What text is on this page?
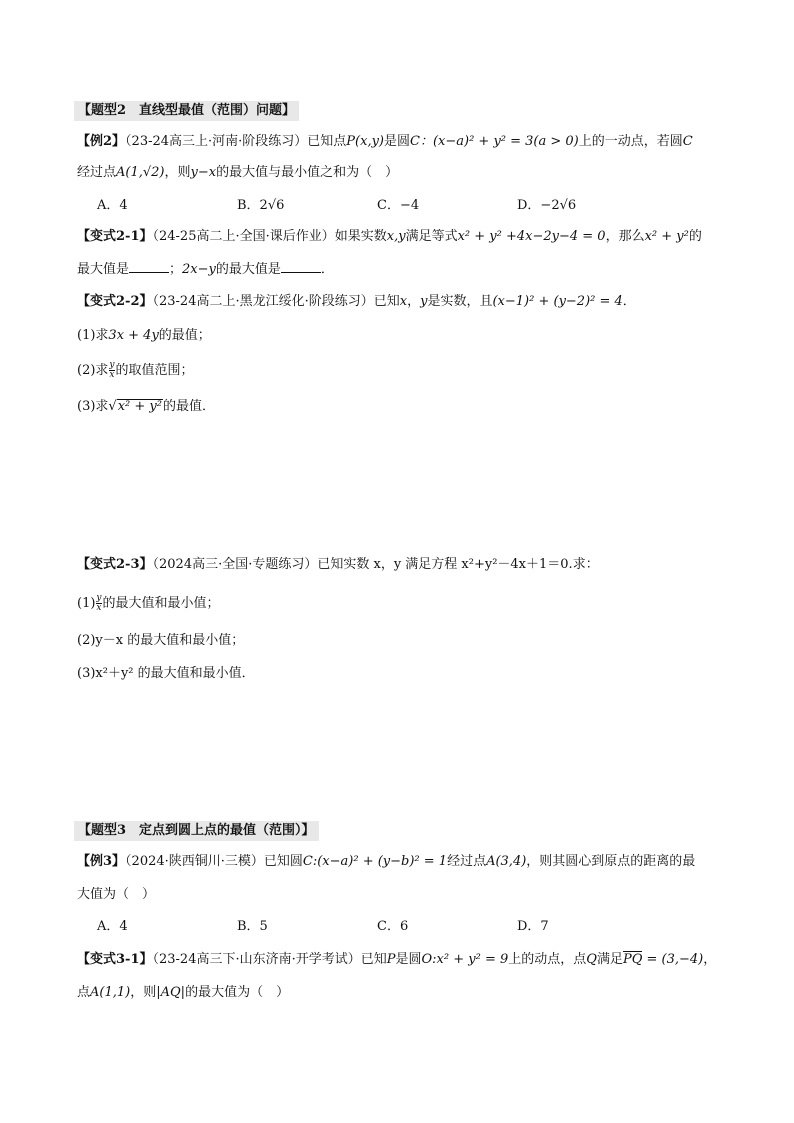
【题型2　直线型最值（范围）问题】
【例2】（23-24高三上·河南·阶段练习）已知点P(x,y)是圆C：(x−a)² + y² = 3(a > 0)上的一动点，若圆C
经过点A(1,√2)，则y−x的最大值与最小值之和为（　）
A．4	B．2√6	C．−4	D．−2√6
【变式2-1】（24-25高二上·全国·课后作业）如果实数x,y满足等式x² + y² +4x−2y−4 = 0，那么x² + y²的
最大值是	；2x−y的最大值是	．
【变式2-2】（23-24高二上·黑龙江绥化·阶段练习）已知x，y是实数，且(x−1)² + (y−2)² = 4．
(1)求3x + 4y的最值；
(2)求 $\frac{y}{x}$ 的取值范围；
(3)求√x² + y²的最值．
【变式2-3】（2024高三·全国·专题练习）已知实数 x，y 满足方程 x²+y²－4x＋1＝0.求：
$(1) \frac{y}{x}$ 的最大值和最小值；
(2)y－x 的最大值和最小值；
(3)x²＋y² 的最大值和最小值．
【题型3　定点到圆上点的最值（范围）】
【例3】（2024·陕西铜川·三模）已知圆C:(x−a)² + (y−b)² = 1经过点A(3,4)，则其圆心到原点的距离的最
大值为（　）
A．4	B．5	C．6	D．7
【变式3-1】（23-24高三下·山东济南·开学考试）已知P是圆O:x² + y² = 9上的动点，点Q满足PQ = (3,−4)，
点A(1,1)，则|AQ|的最大值为（　）
